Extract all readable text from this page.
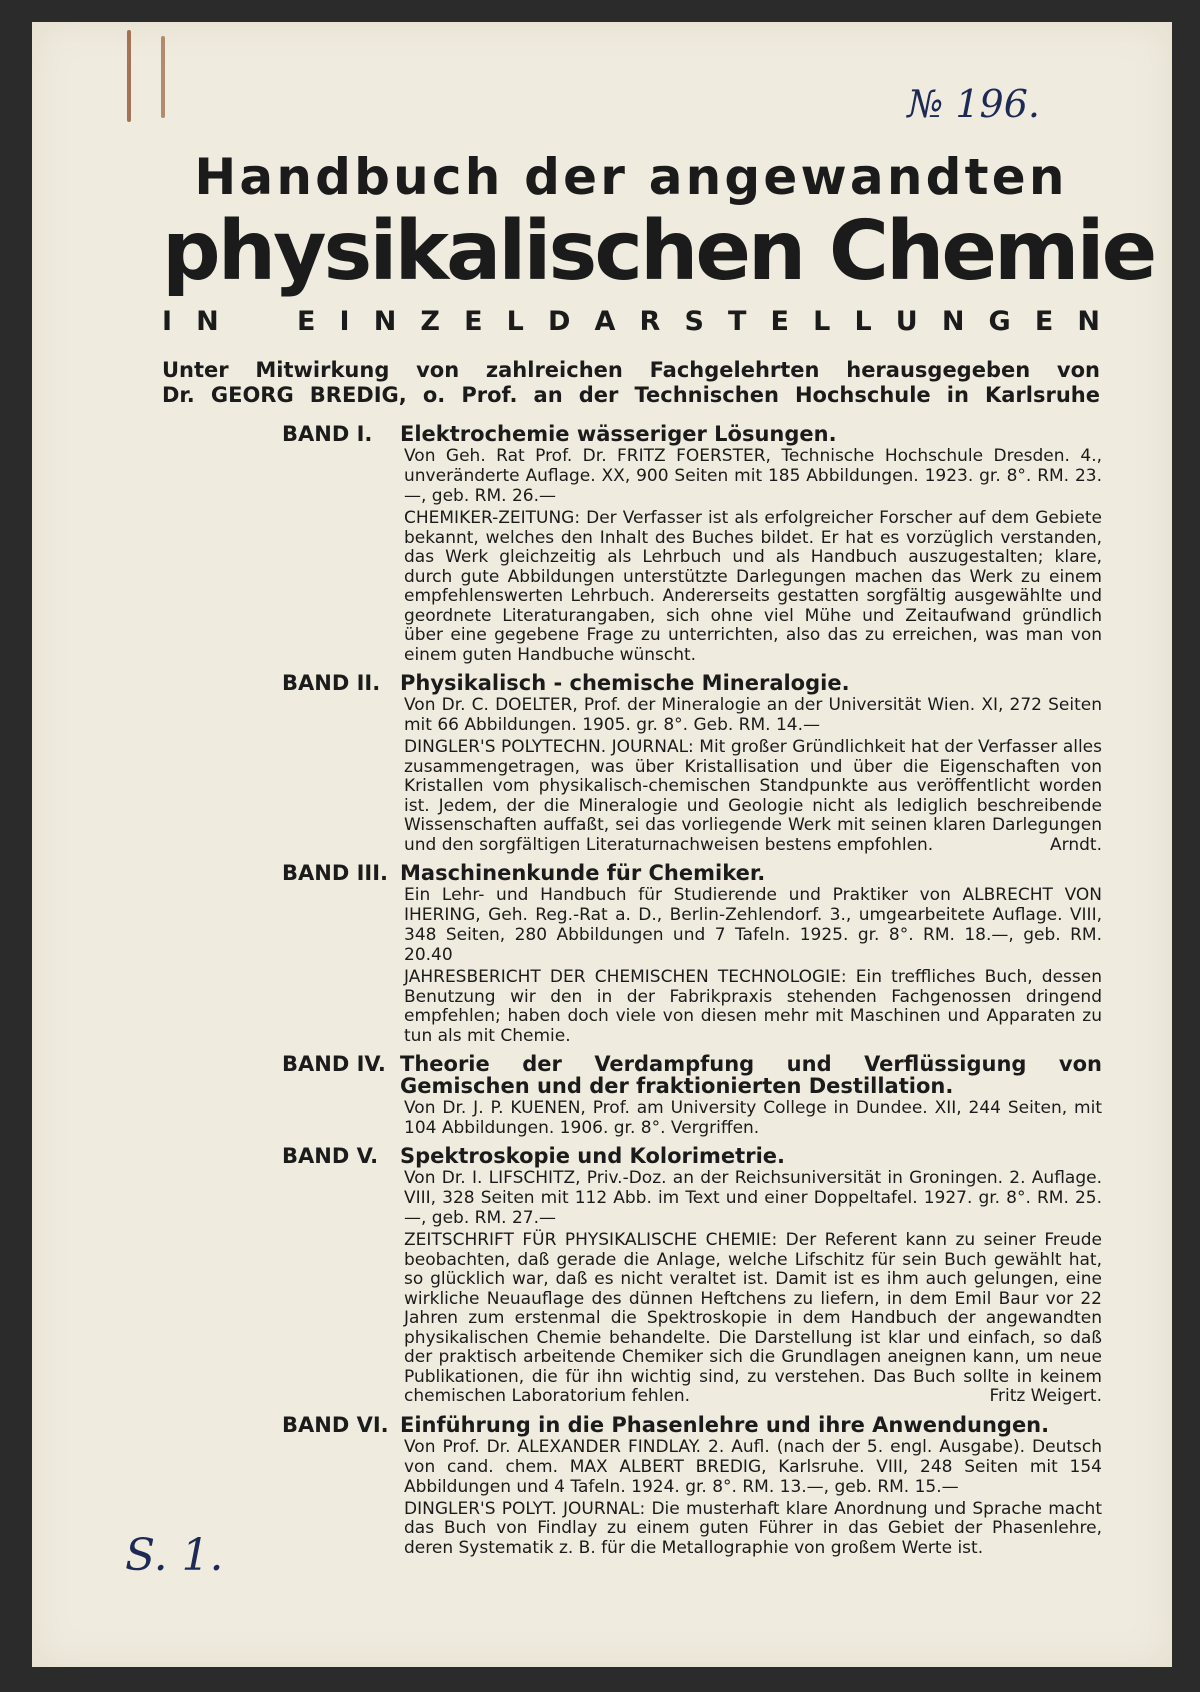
№ 196.
Handbuch der angewandten
physikalischen Chemie
I N	E I N Z E L D A R S T E L L U N G E N
Unter Mitwirkung von zahlreichen Fachgelehrten herausgegeben von
Dr. GEORG BREDIG, o. Prof. an der Technischen Hochschule in Karlsruhe
BAND I.	Elektrochemie wässeriger Lösungen.
Von Geh. Rat Prof. Dr. FRITZ FOERSTER, Technische Hochschule Dresden. 4., unveränderte Auflage. XX, 900 Seiten mit 185 Abbildungen. 1923. gr. 8°. RM. 23.—, geb. RM. 26.—
CHEMIKER-ZEITUNG: Der Verfasser ist als erfolgreicher Forscher auf dem Gebiete bekannt, welches den Inhalt des Buches bildet. Er hat es vorzüglich verstanden, das Werk gleichzeitig als Lehrbuch und als Handbuch auszugestalten; klare, durch gute Abbildungen unterstützte Darlegungen machen das Werk zu einem empfehlenswerten Lehrbuch. Andererseits gestatten sorgfältig ausgewählte und geordnete Literaturangaben, sich ohne viel Mühe und Zeitaufwand gründlich über eine gegebene Frage zu unterrichten, also das zu erreichen, was man von einem guten Handbuche wünscht.
BAND II. Physikalisch - chemische Mineralogie.
Von Dr. C. DOELTER, Prof. der Mineralogie an der Universität Wien. XI, 272 Seiten mit 66 Abbildungen. 1905. gr. 8°. Geb. RM. 14.—
DINGLER'S POLYTECHN. JOURNAL: Mit großer Gründlichkeit hat der Verfasser alles zusammengetragen, was über Kristallisation und über die Eigenschaften von Kristallen vom physikalisch-chemischen Standpunkte aus veröffentlicht worden ist. Jedem, der die Mineralogie und Geologie nicht als lediglich beschreibende Wissenschaften auffaßt, sei das vorliegende Werk mit seinen klaren Darlegungen und den sorgfältigen Literaturnachweisen bestens empfohlen.	Arndt.
BAND III. Maschinenkunde für Chemiker.
Ein Lehr- und Handbuch für Studierende und Praktiker von ALBRECHT VON IHERING, Geh. Reg.-Rat a. D., Berlin-Zehlendorf. 3., umgearbeitete Auflage. VIII, 348 Seiten, 280 Abbildungen und 7 Tafeln. 1925. gr. 8°. RM. 18.—, geb. RM. 20.40
JAHRESBERICHT DER CHEMISCHEN TECHNOLOGIE: Ein treffliches Buch, dessen Benutzung wir den in der Fabrikpraxis stehenden Fachgenossen dringend empfehlen; haben doch viele von diesen mehr mit Maschinen und Apparaten zu tun als mit Chemie.
BAND IV. Theorie der Verdampfung und Verflüssigung von Gemischen und der fraktionierten Destillation.
Von Dr. J. P. KUENEN, Prof. am University College in Dundee. XII, 244 Seiten, mit 104 Abbildungen. 1906. gr. 8°. Vergriffen.
BAND V.	Spektroskopie und Kolorimetrie.
Von Dr. I. LIFSCHITZ, Priv.-Doz. an der Reichsuniversität in Groningen. 2. Auflage. VIII, 328 Seiten mit 112 Abb. im Text und einer Doppeltafel. 1927. gr. 8°. RM. 25.—, geb. RM. 27.—
ZEITSCHRIFT FÜR PHYSIKALISCHE CHEMIE: Der Referent kann zu seiner Freude beobachten, daß gerade die Anlage, welche Lifschitz für sein Buch gewählt hat, so glücklich war, daß es nicht veraltet ist. Damit ist es ihm auch gelungen, eine wirkliche Neuauflage des dünnen Heftchens zu liefern, in dem Emil Baur vor 22 Jahren zum erstenmal die Spektroskopie in dem Handbuch der angewandten physikalischen Chemie behandelte. Die Darstellung ist klar und einfach, so daß der praktisch arbeitende Chemiker sich die Grundlagen aneignen kann, um neue Publikationen, die für ihn wichtig sind, zu verstehen. Das Buch sollte in keinem chemischen Laboratorium fehlen.	Fritz Weigert.
BAND VI. Einführung in die Phasenlehre und ihre Anwendungen.
Von Prof. Dr. ALEXANDER FINDLAY. 2. Aufl. (nach der 5. engl. Ausgabe). Deutsch von cand. chem. MAX ALBERT BREDIG, Karlsruhe. VIII, 248 Seiten mit 154 Abbildungen und 4 Tafeln. 1924. gr. 8°. RM. 13.—, geb. RM. 15.—
DINGLER'S POLYT. JOURNAL: Die musterhaft klare Anordnung und Sprache macht das Buch von Findlay zu einem guten Führer in das Gebiet der Phasenlehre, deren Systematik z. B. für die Metallographie von großem Werte ist.
S. 1.
